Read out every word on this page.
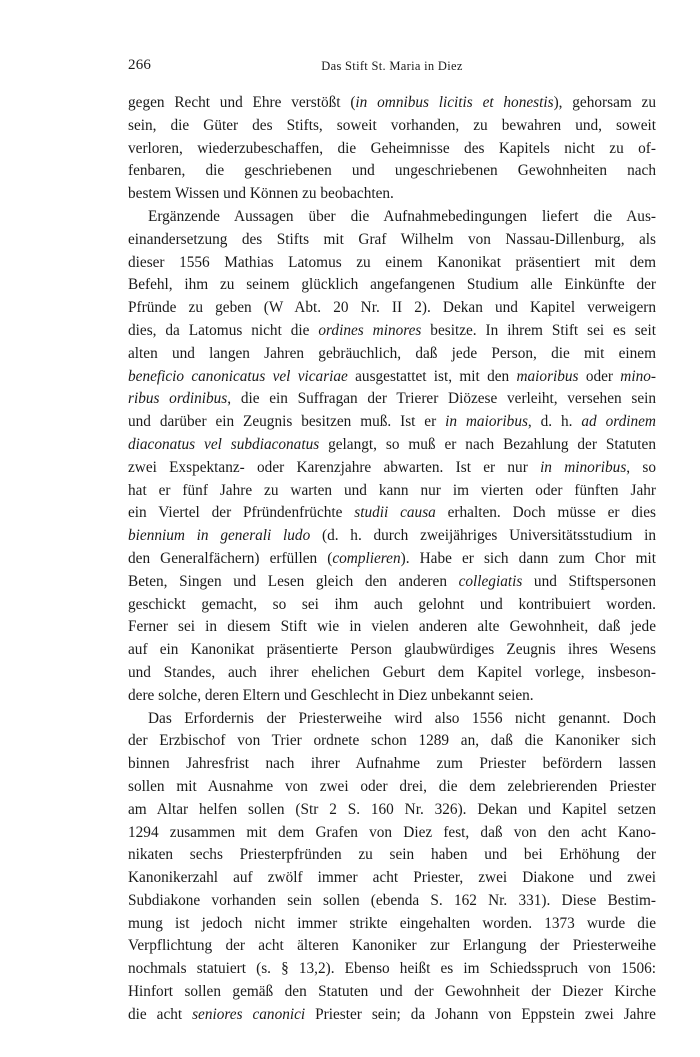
266	Das Stift St. Maria in Diez
gegen Recht und Ehre verstößt (in omnibus licitis et honestis), gehorsam zu
sein, die Güter des Stifts, soweit vorhanden, zu bewahren und, soweit
verloren, wiederzubeschaffen, die Geheimnisse des Kapitels nicht zu of-
fenbaren, die geschriebenen und ungeschriebenen Gewohnheiten nach
bestem Wissen und Können zu beobachten.
Ergänzende Aussagen über die Aufnahmebedingungen liefert die Aus-
einandersetzung des Stifts mit Graf Wilhelm von Nassau-Dillenburg, als
dieser 1556 Mathias Latomus zu einem Kanonikat präsentiert mit dem
Befehl, ihm zu seinem glücklich angefangenen Studium alle Einkünfte der
Pfründe zu geben (W Abt. 20 Nr. II 2). Dekan und Kapitel verweigern
dies, da Latomus nicht die ordines minores besitze. In ihrem Stift sei es seit
alten und langen Jahren gebräuchlich, daß jede Person, die mit einem
beneficio canonicatus vel vicariae ausgestattet ist, mit den maioribus oder mino-
ribus ordinibus, die ein Suffragan der Trierer Diözese verleiht, versehen sein
und darüber ein Zeugnis besitzen muß. Ist er in maioribus, d. h. ad ordinem
diaconatus vel subdiaconatus gelangt, so muß er nach Bezahlung der Statuten
zwei Exspektanz- oder Karenzjahre abwarten. Ist er nur in minoribus, so
hat er fünf Jahre zu warten und kann nur im vierten oder fünften Jahr
ein Viertel der Pfründenfrüchte studii causa erhalten. Doch müsse er dies
biennium in generali ludo (d. h. durch zweijähriges Universitätsstudium in
den Generalfächern) erfüllen (complieren). Habe er sich dann zum Chor mit
Beten, Singen und Lesen gleich den anderen collegiatis und Stiftspersonen
geschickt gemacht, so sei ihm auch gelohnt und kontribuiert worden.
Ferner sei in diesem Stift wie in vielen anderen alte Gewohnheit, daß jede
auf ein Kanonikat präsentierte Person glaubwürdiges Zeugnis ihres Wesens
und Standes, auch ihrer ehelichen Geburt dem Kapitel vorlege, insbeson-
dere solche, deren Eltern und Geschlecht in Diez unbekannt seien.
Das Erfordernis der Priesterweihe wird also 1556 nicht genannt. Doch
der Erzbischof von Trier ordnete schon 1289 an, daß die Kanoniker sich
binnen Jahresfrist nach ihrer Aufnahme zum Priester befördern lassen
sollen mit Ausnahme von zwei oder drei, die dem zelebrierenden Priester
am Altar helfen sollen (Str 2 S. 160 Nr. 326). Dekan und Kapitel setzen
1294 zusammen mit dem Grafen von Diez fest, daß von den acht Kano-
nikaten sechs Priesterpfründen zu sein haben und bei Erhöhung der
Kanonikerzahl auf zwölf immer acht Priester, zwei Diakone und zwei
Subdiakone vorhanden sein sollen (ebenda S. 162 Nr. 331). Diese Bestim-
mung ist jedoch nicht immer strikte eingehalten worden. 1373 wurde die
Verpflichtung der acht älteren Kanoniker zur Erlangung der Priesterweihe
nochmals statuiert (s. § 13,2). Ebenso heißt es im Schiedsspruch von 1506:
Hinfort sollen gemäß den Statuten und der Gewohnheit der Diezer Kirche
die acht seniores canonici Priester sein; da Johann von Eppstein zwei Jahre
